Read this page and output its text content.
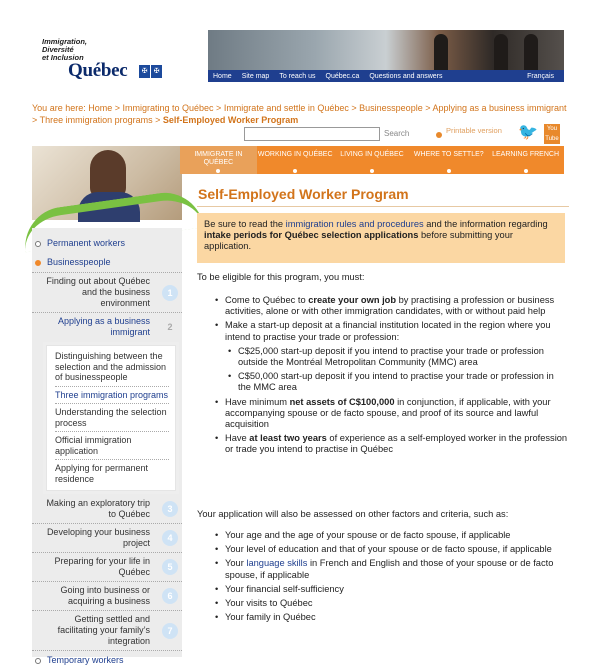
Immigration,
Diversité
et Inclusion
Québec	✠ ✠
Home	Site map	To reach us	Québec.ca	Questions and answers	Français
You are here: Home > Immigrating to Québec > Immigrate and settle in Québec > Businesspeople > Applying as a business immigrant > Three immigration programs > Self-Employed Worker Program
Search	Printable version 🐦	You Tube
IMMIGRATE IN QUÉBEC
WORKING IN QUÉBEC	LIVING IN QUÉBEC	WHERE TO SETTLE?	LEARNING FRENCH
Permanent workers
Businesspeople
Finding out about Québec and the business environment
1
Applying as a business immigrant	2
Distinguishing between the selection and the admission of businesspeople
Three immigration programs
Understanding the selection process
Official immigration application
Applying for permanent residence
Making an exploratory trip to Québec	3
Developing your business project	4
Preparing for your life in Québec	5
Going into business or acquiring a business	6
Getting settled and facilitating your family’s integration
7
Temporary workers
Self-Employed Worker Program
Be sure to read the immigration rules and procedures and the information regarding intake periods for Québec selection applications before submitting your application.
To be eligible for this program, you must:
• Come to Québec to create your own job by practising a profession or business activities, alone or with other immigration candidates, with or without paid help
• Make a start-up deposit at a financial institution located in the region where you intend to practise your trade or profession:
• C$25,000 start-up deposit if you intend to practise your trade or profession outside the Montréal Metropolitan Community (MMC) area
• C$50,000 start-up deposit if you intend to practise your trade or profession in the MMC area
• Have minimum net assets of C$100,000 in conjunction, if applicable, with your accompanying spouse or de facto spouse, and proof of its source and lawful acquisition
• Have at least two years of experience as a self-employed worker in the profession or trade you intend to practise in Québec
Your application will also be assessed on other factors and criteria, such as:
• Your age and the age of your spouse or de facto spouse, if applicable
• Your level of education and that of your spouse or de facto spouse, if applicable
• Your language skills in French and English and those of your spouse or de facto spouse, if applicable
• Your financial self-sufficiency
• Your visits to Québec
• Your family in Québec
